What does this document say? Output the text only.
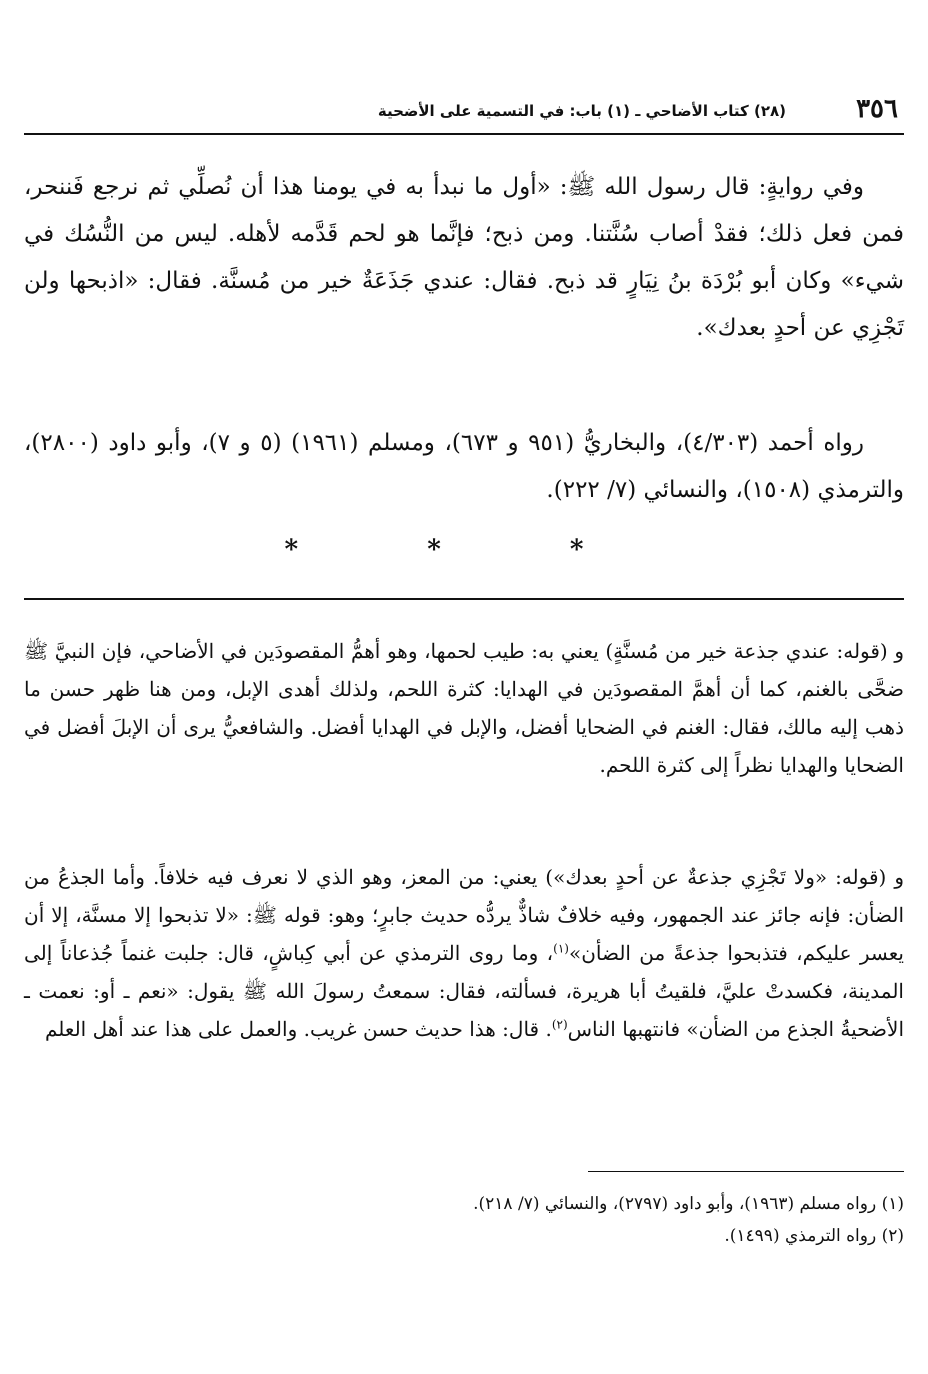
٣٥٦
(٢٨) كتاب الأضاحي ـ (١) باب: في التسمية على الأضحية

وفي روايةٍ: قال رسول الله ﷺ: «أول ما نبدأ به في يومنا هذا أن نُصلِّي ثم نرجع فَننحر، فمن فعل ذلك؛ فقدْ أصاب سُنَّتنا. ومن ذبح؛ فإنَّما هو لحم قَدَّمه لأهله. ليس من النُّسُك في شيء» وكان أبو بُرْدَة بنُ نِيَارٍ قد ذبح. فقال: عندي جَذَعَةٌ خير من مُسنَّة. فقال: «اذبحها ولن تَجْزِي عن أحدٍ بعدك».

رواه أحمد (٤/٣٠٣)، والبخاريُّ (٩٥١ و ٦٧٣)، ومسلم (١٩٦١) (٥ و ٧)، وأبو داود (٢٨٠٠)، والترمذي (١٥٠٨)، والنسائي (٧/ ٢٢٢).

* * *

و (قوله: عندي جذعة خير من مُسنَّةٍ) يعني به: طيب لحمها، وهو أهمُّ المقصودَين في الأضاحي، فإن النبيَّ ﷺ ضحَّى بالغنم، كما أن أهمَّ المقصودَين في الهدايا: كثرة اللحم، ولذلك أهدى الإبل، ومن هنا ظهر حسن ما ذهب إليه مالك، فقال: الغنم في الضحايا أفضل، والإبل في الهدايا أفضل. والشافعيُّ يرى أن الإبلَ أفضل في الضحايا والهدايا نظراً إلى كثرة اللحم.

و (قوله: «ولا تَجْزِي جذعةٌ عن أحدٍ بعدك») يعني: من المعز، وهو الذي لا نعرف فيه خلافاً. وأما الجذعُ من الضأن: فإنه جائز عند الجمهور، وفيه خلافٌ شاذٌّ يردُّه حديث جابرٍ؛ وهو: قوله ﷺ: «لا تذبحوا إلا مسنَّة، إلا أن يعسر عليكم، فتذبحوا جذعةً من الضأن»$^{(١)}$، وما روى الترمذي عن أبي كِباشٍ، قال: جلبت غنماً جُذعاناً إلى المدينة، فكسدتْ عليَّ، فلقيتُ أبا هريرة، فسألته، فقال: سمعتُ رسولَ الله ﷺ يقول: «نعم ـ أو: نعمت ـ الأضحيةُ الجذع من الضأن» فانتهبها الناس$^{(٢)}$. قال: هذا حديث حسن غريب. والعمل على هذا عند أهل العلم

(١) رواه مسلم (١٩٦٣)، وأبو داود (٢٧٩٧)، والنسائي (٧/ ٢١٨).

(٢) رواه الترمذي (١٤٩٩).
